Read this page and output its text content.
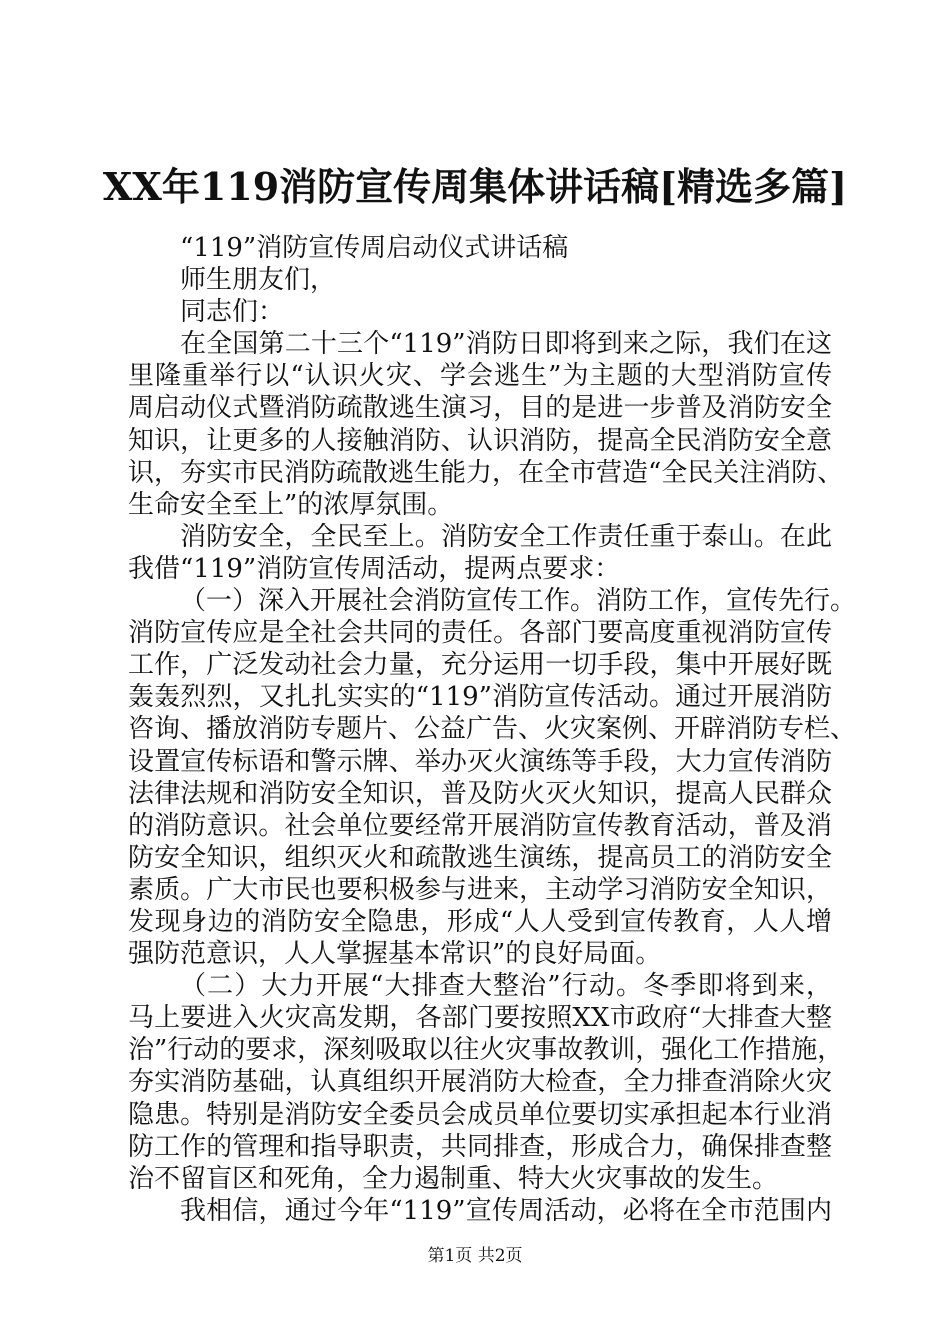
XX年119消防宣传周集体讲话稿[精选多篇]
“119”消防宣传周启动仪式讲话稿
师生朋友们，
同志们：
在全国第二十三个“119”消防日即将到来之际，我们在这
里隆重举行以“认识火灾、学会逃生”为主题的大型消防宣传
周启动仪式暨消防疏散逃生演习，目的是进一步普及消防安全
知识，让更多的人接触消防、认识消防，提高全民消防安全意
识，夯实市民消防疏散逃生能力，在全市营造“全民关注消防、
生命安全至上”的浓厚氛围。
消防安全，全民至上。消防安全工作责任重于泰山。在此
我借“119”消防宣传周活动，提两点要求：
（一）深入开展社会消防宣传工作。消防工作，宣传先行。
消防宣传应是全社会共同的责任。各部门要高度重视消防宣传
工作，广泛发动社会力量，充分运用一切手段，集中开展好既
轰轰烈烈，又扎扎实实的“119”消防宣传活动。通过开展消防
咨询、播放消防专题片、公益广告、火灾案例、开辟消防专栏、
设置宣传标语和警示牌、举办灭火演练等手段，大力宣传消防
法律法规和消防安全知识，普及防火灭火知识，提高人民群众
的消防意识。社会单位要经常开展消防宣传教育活动，普及消
防安全知识，组织灭火和疏散逃生演练，提高员工的消防安全
素质。广大市民也要积极参与进来，主动学习消防安全知识，
发现身边的消防安全隐患，形成“人人受到宣传教育，人人增
强防范意识，人人掌握基本常识”的良好局面。
（二）大力开展“大排查大整治”行动。冬季即将到来，
马上要进入火灾高发期，各部门要按照XX市政府“大排查大整
治”行动的要求，深刻吸取以往火灾事故教训，强化工作措施，
夯实消防基础，认真组织开展消防大检查，全力排查消除火灾
隐患。特别是消防安全委员会成员单位要切实承担起本行业消
防工作的管理和指导职责，共同排查，形成合力，确保排查整
治不留盲区和死角，全力遏制重、特大火灾事故的发生。
我相信，通过今年“119”宣传周活动，必将在全市范围内
第1页 共2页
